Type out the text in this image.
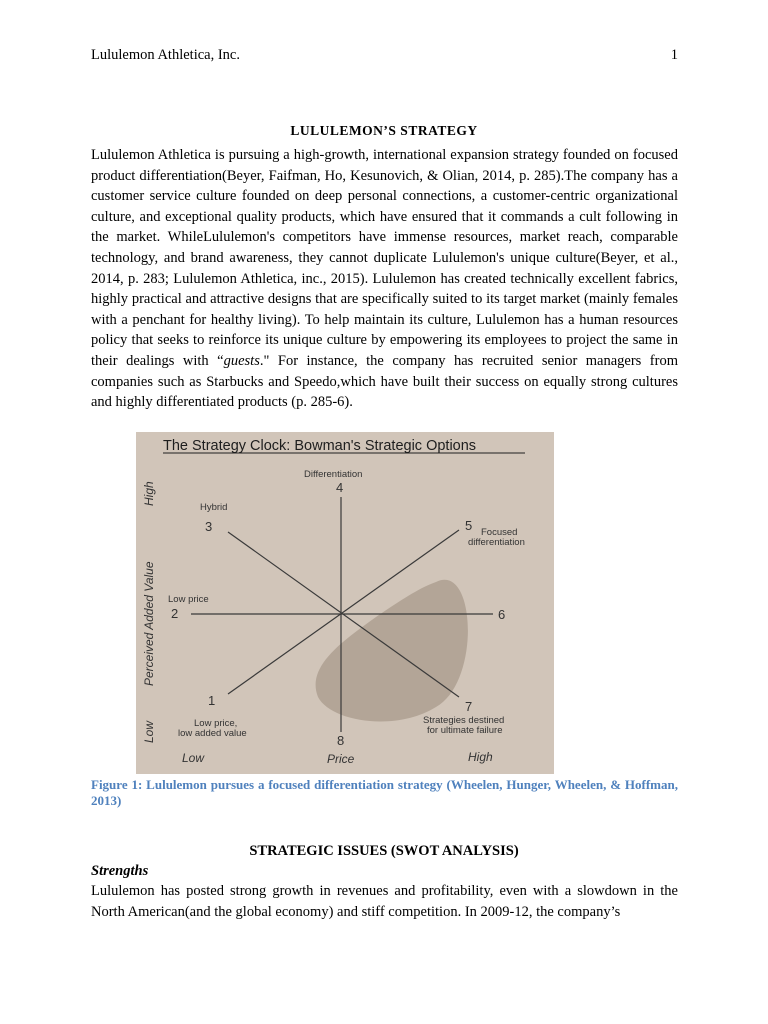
Lululemon Athletica, Inc.	1
LULULEMON’S STRATEGY
Lululemon Athletica is pursuing a high-growth, international expansion strategy founded on focused product differentiation(Beyer, Faifman, Ho, Kesunovich, & Olian, 2014, p. 285).The company has a customer service culture founded on deep personal connections, a customer-centric organizational culture, and exceptional quality products, which have ensured that it commands a cult following in the market. WhileLululemon's competitors have immense resources, market reach, comparable technology, and brand awareness, they cannot duplicate Lululemon's unique culture(Beyer, et al., 2014, p. 283; Lululemon Athletica, inc., 2015). Lululemon has created technically excellent fabrics, highly practical and attractive designs that are specifically suited to its target market (mainly females with a penchant for healthy living). To help maintain its culture, Lululemon has a human resources policy that seeks to reinforce its unique culture by empowering its employees to project the same in their dealings with “guests." For instance, the company has recruited senior managers from companies such as Starbucks and Speedo,which have built their success on equally strong cultures and highly differentiated products (p. 285-6).
The Strategy Clock: Bowman's Strategic Options
High
Perceived Added Value
Low
Low	Price	High
Differentiation
4
Hybrid
3	5 Focused
differentiation
Low price
2	6
1
Low price,
low added value
7
Strategies destined
for ultimate failure
8
Figure 1: Lululemon pursues a focused differentiation strategy (Wheelen, Hunger, Wheelen, & Hoffman, 2013)
STRATEGIC ISSUES (SWOT ANALYSIS)
Strengths
Lululemon has posted strong growth in revenues and profitability, even with a slowdown in the North American(and the global economy) and stiff competition. In 2009-12, the company’s
